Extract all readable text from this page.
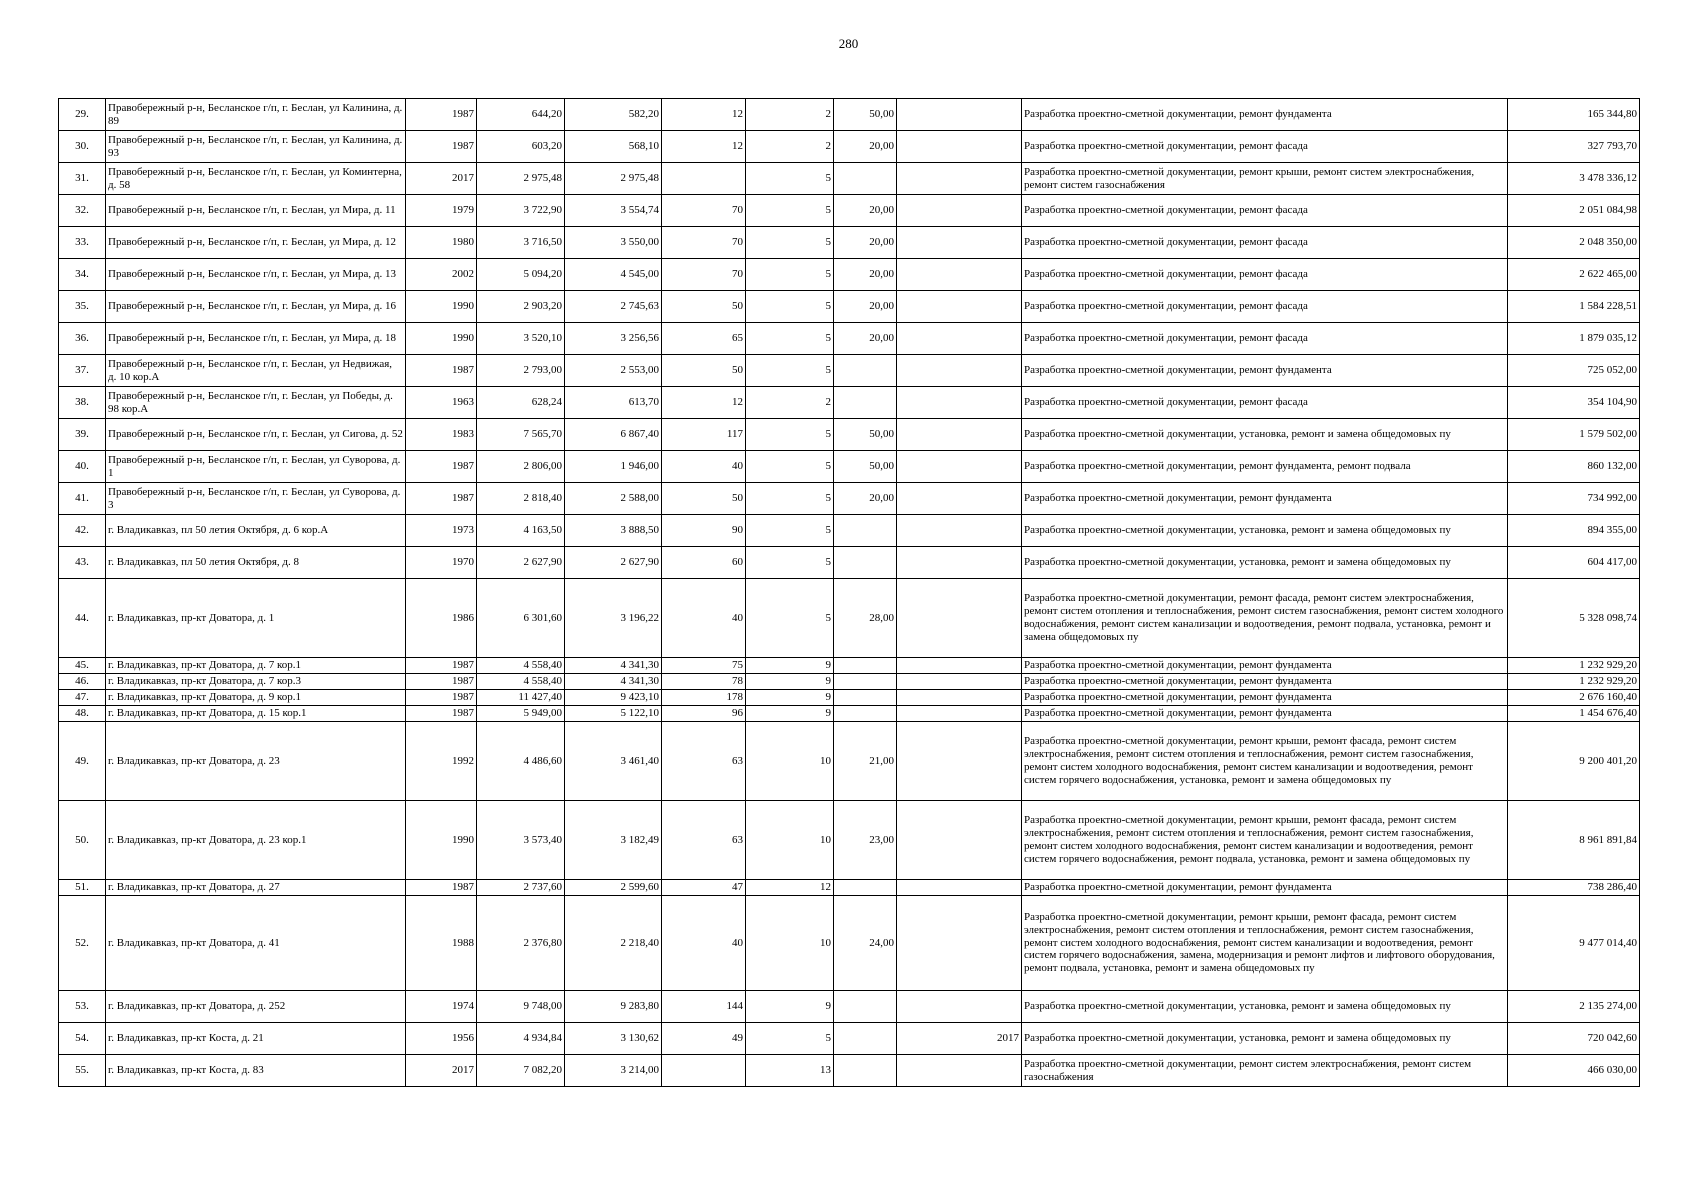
280
29.	Правобережный р-н, Бесланское г/п, г. Беслан, ул Калинина, д. 89	1987	644,20	582,20	12	2	50,00		Разработка проектно-сметной документации, ремонт фундамента	165 344,80
30.	Правобережный р-н, Бесланское г/п, г. Беслан, ул Калинина, д. 93	1987	603,20	568,10	12	2	20,00		Разработка проектно-сметной документации, ремонт фасада	327 793,70
31.	Правобережный р-н, Бесланское г/п, г. Беслан, ул Коминтерна, д. 58	2017	2 975,48	2 975,48		5			Разработка проектно-сметной документации, ремонт крыши, ремонт систем электроснабжения, ремонт систем газоснабжения	3 478 336,12
32.	Правобережный р-н, Бесланское г/п, г. Беслан, ул Мира, д. 11	1979	3 722,90	3 554,74	70	5	20,00		Разработка проектно-сметной документации, ремонт фасада	2 051 084,98
33.	Правобережный р-н, Бесланское г/п, г. Беслан, ул Мира, д. 12	1980	3 716,50	3 550,00	70	5	20,00		Разработка проектно-сметной документации, ремонт фасада	2 048 350,00
34.	Правобережный р-н, Бесланское г/п, г. Беслан, ул Мира, д. 13	2002	5 094,20	4 545,00	70	5	20,00		Разработка проектно-сметной документации, ремонт фасада	2 622 465,00
35.	Правобережный р-н, Бесланское г/п, г. Беслан, ул Мира, д. 16	1990	2 903,20	2 745,63	50	5	20,00		Разработка проектно-сметной документации, ремонт фасада	1 584 228,51
36.	Правобережный р-н, Бесланское г/п, г. Беслан, ул Мира, д. 18	1990	3 520,10	3 256,56	65	5	20,00		Разработка проектно-сметной документации, ремонт фасада	1 879 035,12
37.	Правобережный р-н, Бесланское г/п, г. Беслан, ул Недвижая, д. 10 кор.А	1987	2 793,00	2 553,00	50	5			Разработка проектно-сметной документации, ремонт фундамента	725 052,00
38.	Правобережный р-н, Бесланское г/п, г. Беслан, ул Победы, д. 98 кор.А	1963	628,24	613,70	12	2			Разработка проектно-сметной документации, ремонт фасада	354 104,90
39.	Правобережный р-н, Бесланское г/п, г. Беслан, ул Сигова, д. 52	1983	7 565,70	6 867,40	117	5	50,00		Разработка проектно-сметной документации, установка, ремонт и замена общедомовых пу	1 579 502,00
40.	Правобережный р-н, Бесланское г/п, г. Беслан, ул Суворова, д. 1	1987	2 806,00	1 946,00	40	5	50,00		Разработка проектно-сметной документации, ремонт фундамента, ремонт подвала	860 132,00
41.	Правобережный р-н, Бесланское г/п, г. Беслан, ул Суворова, д. 3	1987	2 818,40	2 588,00	50	5	20,00		Разработка проектно-сметной документации, ремонт фундамента	734 992,00
42.	г. Владикавказ, пл 50 летия Октября, д. 6 кор.А	1973	4 163,50	3 888,50	90	5			Разработка проектно-сметной документации, установка, ремонт и замена общедомовых пу	894 355,00
43.	г. Владикавказ, пл 50 летия Октября, д. 8	1970	2 627,90	2 627,90	60	5			Разработка проектно-сметной документации, установка, ремонт и замена общедомовых пу	604 417,00
44.	г. Владикавказ, пр-кт Доватора, д. 1	1986	6 301,60	3 196,22	40	5	28,00		Разработка проектно-сметной документации, ремонт фасада, ремонт систем электроснабжения, ремонт систем отопления и теплоснабжения, ремонт систем газоснабжения, ремонт систем холодного водоснабжения, ремонт систем канализации и водоотведения, ремонт подвала, установка, ремонт и замена общедомовых пу	5 328 098,74
45.	г. Владикавказ, пр-кт Доватора, д. 7 кор.1	1987	4 558,40	4 341,30	75	9			Разработка проектно-сметной документации, ремонт фундамента	1 232 929,20
46.	г. Владикавказ, пр-кт Доватора, д. 7 кор.3	1987	4 558,40	4 341,30	78	9			Разработка проектно-сметной документации, ремонт фундамента	1 232 929,20
47.	г. Владикавказ, пр-кт Доватора, д. 9 кор.1	1987	11 427,40	9 423,10	178	9			Разработка проектно-сметной документации, ремонт фундамента	2 676 160,40
48.	г. Владикавказ, пр-кт Доватора, д. 15 кор.1	1987	5 949,00	5 122,10	96	9			Разработка проектно-сметной документации, ремонт фундамента	1 454 676,40
49.	г. Владикавказ, пр-кт Доватора, д. 23	1992	4 486,60	3 461,40	63	10	21,00		Разработка проектно-сметной документации, ремонт крыши, ремонт фасада, ремонт систем электроснабжения, ремонт систем отопления и теплоснабжения, ремонт систем газоснабжения, ремонт систем холодного водоснабжения, ремонт систем канализации и водоотведения, ремонт систем горячего водоснабжения, установка, ремонт и замена общедомовых пу	9 200 401,20
50.	г. Владикавказ, пр-кт Доватора, д. 23 кор.1	1990	3 573,40	3 182,49	63	10	23,00		Разработка проектно-сметной документации, ремонт крыши, ремонт фасада, ремонт систем электроснабжения, ремонт систем отопления и теплоснабжения, ремонт систем газоснабжения, ремонт систем холодного водоснабжения, ремонт систем канализации и водоотведения, ремонт систем горячего водоснабжения, ремонт подвала, установка, ремонт и замена общедомовых пу	8 961 891,84
51.	г. Владикавказ, пр-кт Доватора, д. 27	1987	2 737,60	2 599,60	47	12			Разработка проектно-сметной документации, ремонт фундамента	738 286,40
52.	г. Владикавказ, пр-кт Доватора, д. 41	1988	2 376,80	2 218,40	40	10	24,00		Разработка проектно-сметной документации, ремонт крыши, ремонт фасада, ремонт систем электроснабжения, ремонт систем отопления и теплоснабжения, ремонт систем газоснабжения, ремонт систем холодного водоснабжения, ремонт систем канализации и водоотведения, ремонт систем горячего водоснабжения, замена, модернизация и ремонт лифтов и лифтового оборудования, ремонт подвала, установка, ремонт и замена общедомовых пу	9 477 014,40
53.	г. Владикавказ, пр-кт Доватора, д. 252	1974	9 748,00	9 283,80	144	9			Разработка проектно-сметной документации, установка, ремонт и замена общедомовых пу	2 135 274,00
54.	г. Владикавказ, пр-кт Коста, д. 21	1956	4 934,84	3 130,62	49	5		2017	Разработка проектно-сметной документации, установка, ремонт и замена общедомовых пу	720 042,60
55.	г. Владикавказ, пр-кт Коста, д. 83	2017	7 082,20	3 214,00		13			Разработка проектно-сметной документации, ремонт систем электроснабжения, ремонт систем газоснабжения	466 030,00
